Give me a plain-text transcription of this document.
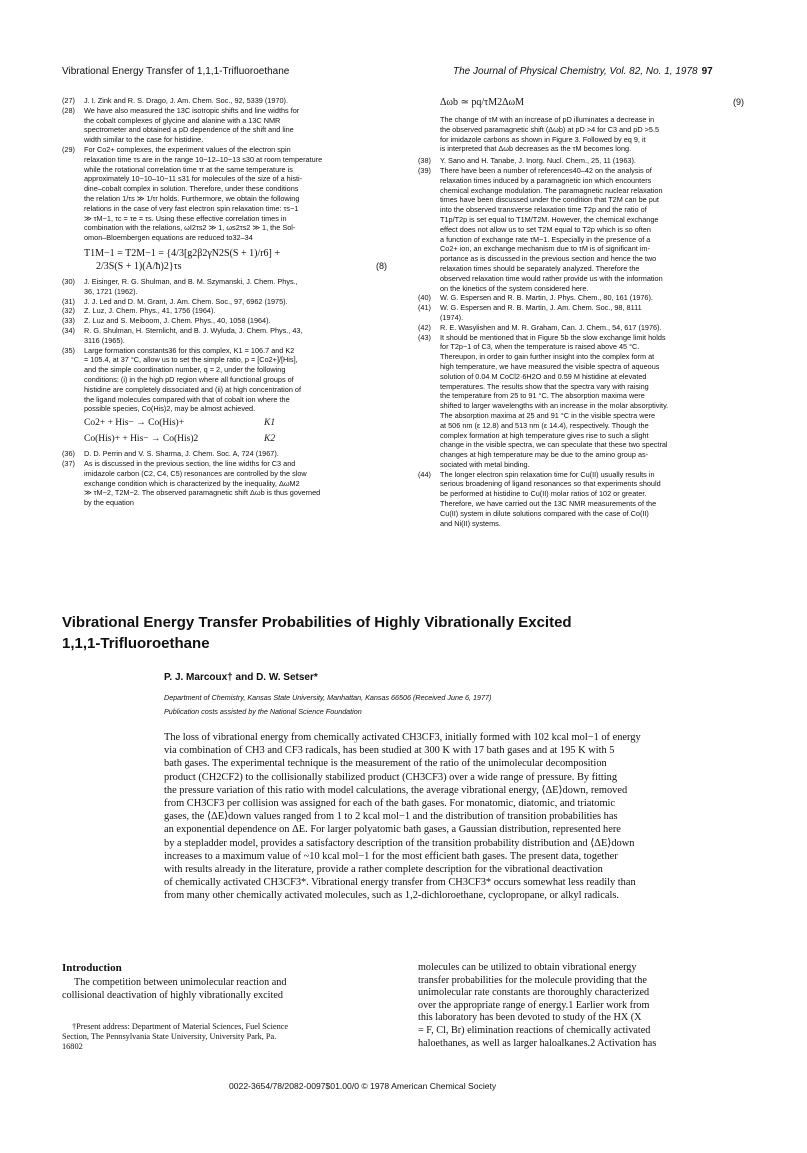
Vibrational Energy Transfer of 1,1,1-Trifluoroethane	The Journal of Physical Chemistry, Vol. 82, No. 1, 1978 97
(27)	J. I. Zink and R. S. Drago, J. Am. Chem. Soc., 92, 5339 (1970).
(28)	We have also measured the 13C isotropic shifts and line widths for
the cobalt complexes of glycine and alanine with a 13C NMR
spectrometer and obtained a pD dependence of the shift and line
width similar to the case for histidine.
(29)	For Co2+ complexes, the experiment values of the electron spin
relaxation time τs are in the range 10−12–10−13 s30 at room temperature
while the rotational correlation time τr at the same temperature is
approximately 10−10–10−11 s31 for molecules of the size of a histi-
dine–cobalt complex in solution. Therefore, under these conditions
the relation 1/τs ≫ 1/τr holds. Furthermore, we obtain the following
relations in the case of very fast electron spin relaxation time: τs−1
≫ τM−1, τc = τe = τs. Using these effective correlation times in
combination with the relations, ωI2τs2 ≫ 1, ωs2τs2 ≫ 1, the Sol-
omon–Bloembergen equations are reduced to32–34
T1M−1 = T2M−1 = {4/3[g2β2γN2S(S + 1)/r6] +
2/3S(S + 1)(A/ħ)2}τs	(8)
(30)	J. Eisinger, R. G. Shulman, and B. M. Szymanski, J. Chem. Phys.,
36, 1721 (1962).
(31)	J. J. Led and D. M. Grant, J. Am. Chem. Soc., 97, 6962 (1975).
(32)	Z. Luz, J. Chem. Phys., 41, 1756 (1964).
(33)	Z. Luz and S. Meiboom, J. Chem. Phys., 40, 1058 (1964).
(34)	R. G. Shulman, H. Sternlicht, and B. J. Wyluda, J. Chem. Phys., 43,
3116 (1965).
(35)	Large formation constants36 for this complex, K1 = 106.7 and K2
= 105.4, at 37 °C, allow us to set the simple ratio, p = [Co2+]/[His],
and the simple coordination number, q = 2, under the following
conditions: (i) in the high pD region where all functional groups of
histidine are completely dissociated and (ii) at high concentration of
the ligand molecules compared with that of cobalt ion where the
possible species, Co(His)2, may be almost achieved.
Co2+ + His− → Co(His)+	K1
Co(His)+ + His− → Co(His)2	K2
(36)	D. D. Perrin and V. S. Sharma, J. Chem. Soc. A, 724 (1967).
(37)	As is discussed in the previous section, the line widths for C3 and
imidazole carbon (C2, C4, C5) resonances are controlled by the slow
exchange condition which is characterized by the inequality, ΔωM2
≫ τM−2, T2M−2. The observed paramagnetic shift Δωb is thus governed
by the equation
Δωb ≃ pq/τM2ΔωM	(9)
The change of τM with an increase of pD illuminates a decrease in
the observed paramagnetic shift (Δωb) at pD >4 for C3 and pD >5.5
for imidazole carbons as shown in Figure 3. Followed by eq 9, it
is interpreted that Δωb decreases as the τM becomes long.
(38)	Y. Sano and H. Tanabe, J. Inorg. Nucl. Chem., 25, 11 (1963).
(39)	There have been a number of references40–42 on the analysis of
relaxation times induced by a paramagnetic ion which encounters
chemical exchange modulation. The paramagnetic nuclear relaxation
times have been discussed under the condition that T2M can be put
into the observed transverse relaxation time T2p and the ratio of
T1p/T2p is set equal to T1M/T2M. However, the chemical exchange
effect does not allow us to set T2M equal to T2p which is so often
a function of exchange rate τM−1. Especially in the presence of a
Co2+ ion, an exchange mechanism due to τM is of significant im-
portance as is discussed in the previous section and hence the two
relaxation times should be separately analyzed. Therefore the
observed relaxation time would rather provide us with the information
on the kinetics of the system considered here.
(40)	W. G. Espersen and R. B. Martin, J. Phys. Chem., 80, 161 (1976).
(41)	W. G. Espersen and R. B. Martin, J. Am. Chem. Soc., 98, 8111
(1974).
(42)	R. E. Wasylishen and M. R. Graham, Can. J. Chem., 54, 617 (1976).
(43)	It should be mentioned that in Figure 5b the slow exchange limit holds
for T2p−1 of C3, when the temperature is raised above 45 °C.
Thereupon, in order to gain further insight into the complex form at
high temperature, we have measured the visible spectra of aqueous
solution of 0.04 M CoCl2·6H2O and 0.59 M histidine at elevated
temperatures. The results show that the spectra vary with raising
the temperature from 25 to 91 °C. The absorption maxima were
shifted to larger wavelengths with an increase in the molar absorptivity.
The absorption maxima at 25 and 91 °C in the visible spectra were
at 506 nm (ε 12.8) and 513 nm (ε 14.4), respectively. Though the
complex formation at high temperature gives rise to such a slight
change in the visible spectra, we can speculate that these two spectral
changes at high temperature may be due to the amino group as-
sociated with metal binding.
(44)	The longer electron spin relaxation time for Cu(II) usually results in
serious broadening of ligand resonances so that experiments should
be performed at histidine to Cu(II) molar ratios of 102 or greater.
Therefore, we have carried out the 13C NMR measurements of the
Cu(II) system in dilute solutions compared with the case of Co(II)
and Ni(II) systems.
Vibrational Energy Transfer Probabilities of Highly Vibrationally Excited
1,1,1-Trifluoroethane
P. J. Marcoux† and D. W. Setser*
Department of Chemistry, Kansas State University, Manhattan, Kansas 66506 (Received June 6, 1977)
Publication costs assisted by the National Science Foundation
The loss of vibrational energy from chemically activated CH3CF3, initially formed with 102 kcal mol−1 of energy
via combination of CH3 and CF3 radicals, has been studied at 300 K with 17 bath gases and at 195 K with 5
bath gases. The experimental technique is the measurement of the ratio of the unimolecular decomposition
product (CH2CF2) to the collisionally stabilized product (CH3CF3) over a wide range of pressure. By fitting
the pressure variation of this ratio with model calculations, the average vibrational energy, ⟨ΔE⟩down, removed
from CH3CF3 per collision was assigned for each of the bath gases. For monatomic, diatomic, and triatomic
gases, the ⟨ΔE⟩down values ranged from 1 to 2 kcal mol−1 and the distribution of transition probabilities has
an exponential dependence on ΔE. For larger polyatomic bath gases, a Gaussian distribution, represented here
by a stepladder model, provides a satisfactory description of the transition probability distribution and ⟨ΔE⟩down
increases to a maximum value of ~10 kcal mol−1 for the most efficient bath gases. The present data, together
with results already in the literature, provide a rather complete description for the vibrational deactivation
of chemically activated CH3CF3*. Vibrational energy transfer from CH3CF3* occurs somewhat less readily than
from many other chemically activated molecules, such as 1,2-dichloroethane, cyclopropane, or alkyl radicals.
Introduction
The competition between unimolecular reaction and
collisional deactivation of highly vibrationally excited
†Present address: Department of Material Sciences, Fuel Science
Section, The Pennsylvania State University, University Park, Pa.
16802
molecules can be utilized to obtain vibrational energy
transfer probabilities for the molecule providing that the
unimolecular rate constants are thoroughly characterized
over the appropriate range of energy.1 Earlier work from
this laboratory has been devoted to study of the HX (X
= F, Cl, Br) elimination reactions of chemically activated
haloethanes, as well as larger haloalkanes.2 Activation has
0022-3654/78/2082-0097$01.00/0 © 1978 American Chemical Society
